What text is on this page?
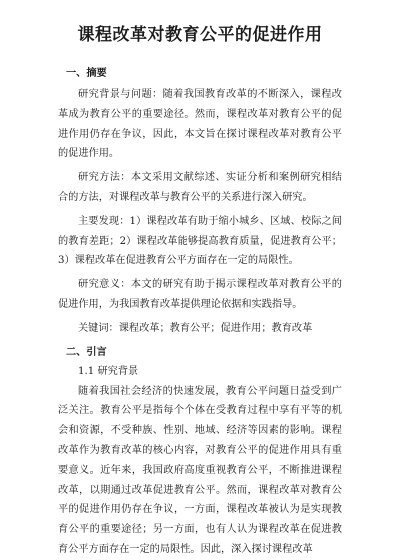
课程改革对教育公平的促进作用
一、摘要
研究背景与问题：随着我国教育改革的不断深入，课程改革成为教育公平的重要途径。然而，课程改革对教育公平的促进作用仍存在争议，因此，本文旨在探讨课程改革对教育公平的促进作用。
研究方法：本文采用文献综述、实证分析和案例研究相结合的方法，对课程改革与教育公平的关系进行深入研究。
主要发现：1）课程改革有助于缩小城乡、区域、校际之间的教育差距；2）课程改革能够提高教育质量，促进教育公平；3）课程改革在促进教育公平方面存在一定的局限性。
研究意义：本文的研究有助于揭示课程改革对教育公平的促进作用，为我国教育改革提供理论依据和实践指导。
关键词：课程改革；教育公平；促进作用；教育改革
二、引言
1.1 研究背景
随着我国社会经济的快速发展，教育公平问题日益受到广泛关注。教育公平是指每个个体在受教育过程中享有平等的机会和资源，不受种族、性别、地域、经济等因素的影响。课程改革作为教育改革的核心内容，对教育公平的促进作用具有重要意义。近年来，我国政府高度重视教育公平，不断推进课程改革，以期通过改革促进教育公平。然而，课程改革对教育公平的促进作用仍存在争议，一方面，课程改革被认为是实现教育公平的重要途径；另一方面，也有人认为课程改革在促进教育公平方面存在一定的局限性。因此，深入探讨课程改革
